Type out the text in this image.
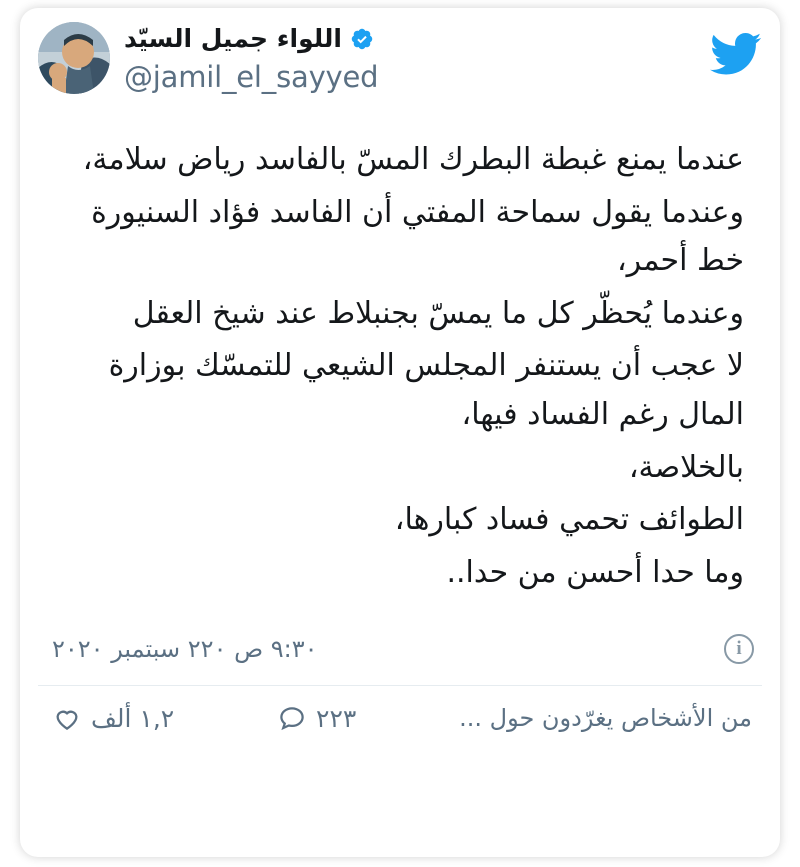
اللواء جميل السيّد
@jamil_el_sayyed

عندما يمنع غبطة البطرك المسّ بالفاسد رياض سلامة،

وعندما يقول سماحة المفتي أن الفاسد فؤاد السنيورة خط أحمر،

وعندما يُحظّر كل ما يمسّ بجنبلاط عند شيخ العقل

لا عجب أن يستنفر المجلس الشيعي للتمسّك بوزارة المال رغم الفساد فيها،

بالخلاصة،

الطوائف تحمي فساد كبارها،

وما حدا أحسن من حدا..

٩:٣٠ ص ٢٢٠ سبتمبر ٢٠٢٠	i
١,٢ ألف	٢٢٣	من الأشخاص يغرّدون حول ...
